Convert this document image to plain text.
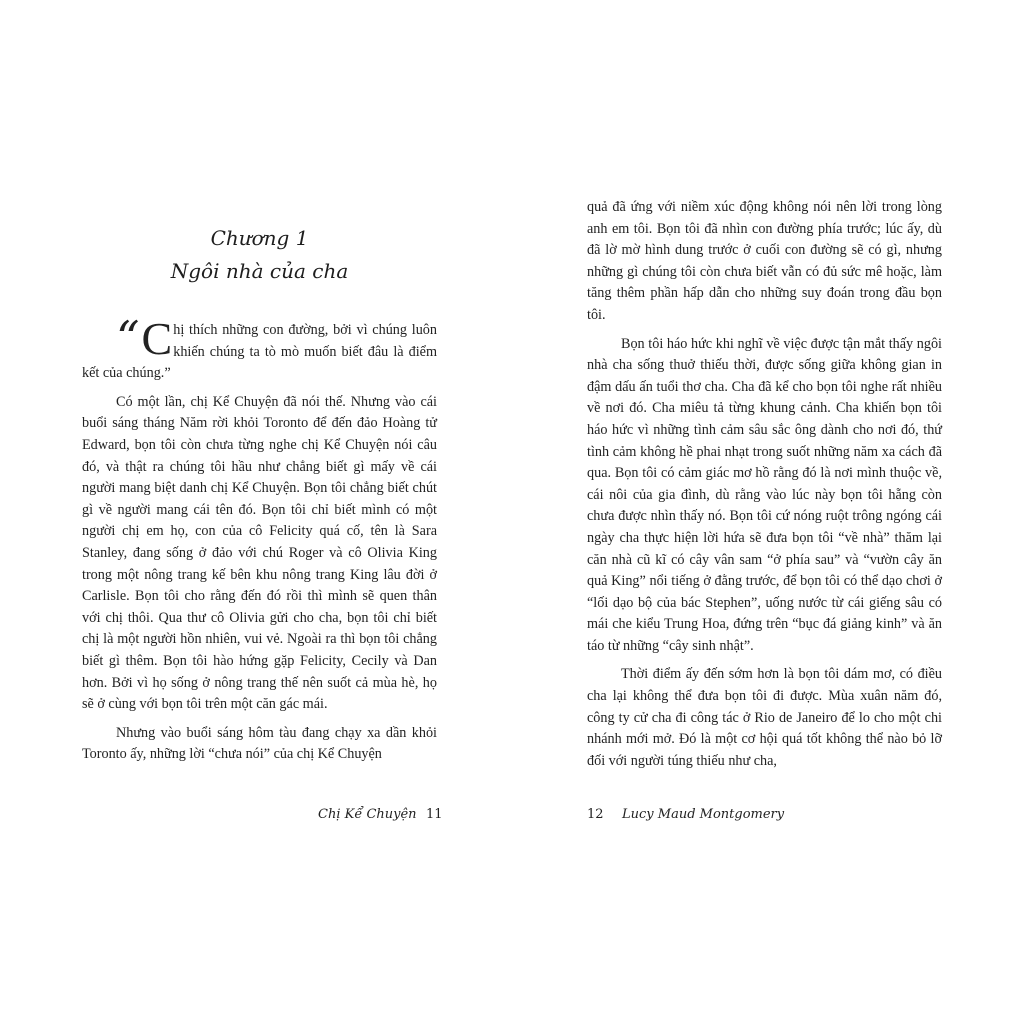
Chương 1
Ngôi nhà của cha

“ C hị thích những con đường, bởi vì chúng luôn khiến chúng ta tò mò muốn biết đâu là điểm kết của chúng.”

Có một lần, chị Kể Chuyện đã nói thế. Nhưng vào cái buổi sáng tháng Năm rời khỏi Toronto để đến đảo Hoàng tử Edward, bọn tôi còn chưa từng nghe chị Kể Chuyện nói câu đó, và thật ra chúng tôi hầu như chẳng biết gì mấy về cái người mang biệt danh chị Kể Chuyện. Bọn tôi chẳng biết chút gì về người mang cái tên đó. Bọn tôi chỉ biết mình có một người chị em họ, con của cô Felicity quá cố, tên là Sara Stanley, đang sống ở đảo với chú Roger và cô Olivia King trong một nông trang kế bên khu nông trang King lâu đời ở Carlisle. Bọn tôi cho rằng đến đó rồi thì mình sẽ quen thân với chị thôi. Qua thư cô Olivia gửi cho cha, bọn tôi chỉ biết chị là một người hồn nhiên, vui vẻ. Ngoài ra thì bọn tôi chẳng biết gì thêm. Bọn tôi hào hứng gặp Felicity, Cecily và Dan hơn. Bởi vì họ sống ở nông trang thế nên suốt cả mùa hè, họ sẽ ở cùng với bọn tôi trên một căn gác mái.

Nhưng vào buổi sáng hôm tàu đang chạy xa dần khỏi Toronto ấy, những lời “chưa nói” của chị Kể Chuyện

Chị Kể Chuyện 11

quả đã ứng với niềm xúc động không nói nên lời trong lòng anh em tôi. Bọn tôi đã nhìn con đường phía trước; lúc ấy, dù đã lờ mờ hình dung trước ở cuối con đường sẽ có gì, nhưng những gì chúng tôi còn chưa biết vẫn có đủ sức mê hoặc, làm tăng thêm phần hấp dẫn cho những suy đoán trong đầu bọn tôi.

Bọn tôi háo hức khi nghĩ về việc được tận mắt thấy ngôi nhà cha sống thuở thiếu thời, được sống giữa không gian in đậm dấu ấn tuổi thơ cha. Cha đã kể cho bọn tôi nghe rất nhiều về nơi đó. Cha miêu tả từng khung cảnh. Cha khiến bọn tôi háo hức vì những tình cảm sâu sắc ông dành cho nơi đó, thứ tình cảm không hề phai nhạt trong suốt những năm xa cách đã qua. Bọn tôi có cảm giác mơ hồ rằng đó là nơi mình thuộc về, cái nôi của gia đình, dù rằng vào lúc này bọn tôi hẵng còn chưa được nhìn thấy nó. Bọn tôi cứ nóng ruột trông ngóng cái ngày cha thực hiện lời hứa sẽ đưa bọn tôi “về nhà” thăm lại căn nhà cũ kĩ có cây vân sam “ở phía sau” và “vườn cây ăn quả King” nổi tiếng ở đằng trước, để bọn tôi có thể dạo chơi ở “lối dạo bộ của bác Stephen”, uống nước từ cái giếng sâu có mái che kiểu Trung Hoa, đứng trên “bục đá giảng kinh” và ăn táo từ những “cây sinh nhật”.

Thời điểm ấy đến sớm hơn là bọn tôi dám mơ, có điều cha lại không thể đưa bọn tôi đi được. Mùa xuân năm đó, công ty cử cha đi công tác ở Rio de Janeiro để lo cho một chi nhánh mới mở. Đó là một cơ hội quá tốt không thể nào bỏ lỡ đối với người túng thiếu như cha,

12 Lucy Maud Montgomery
